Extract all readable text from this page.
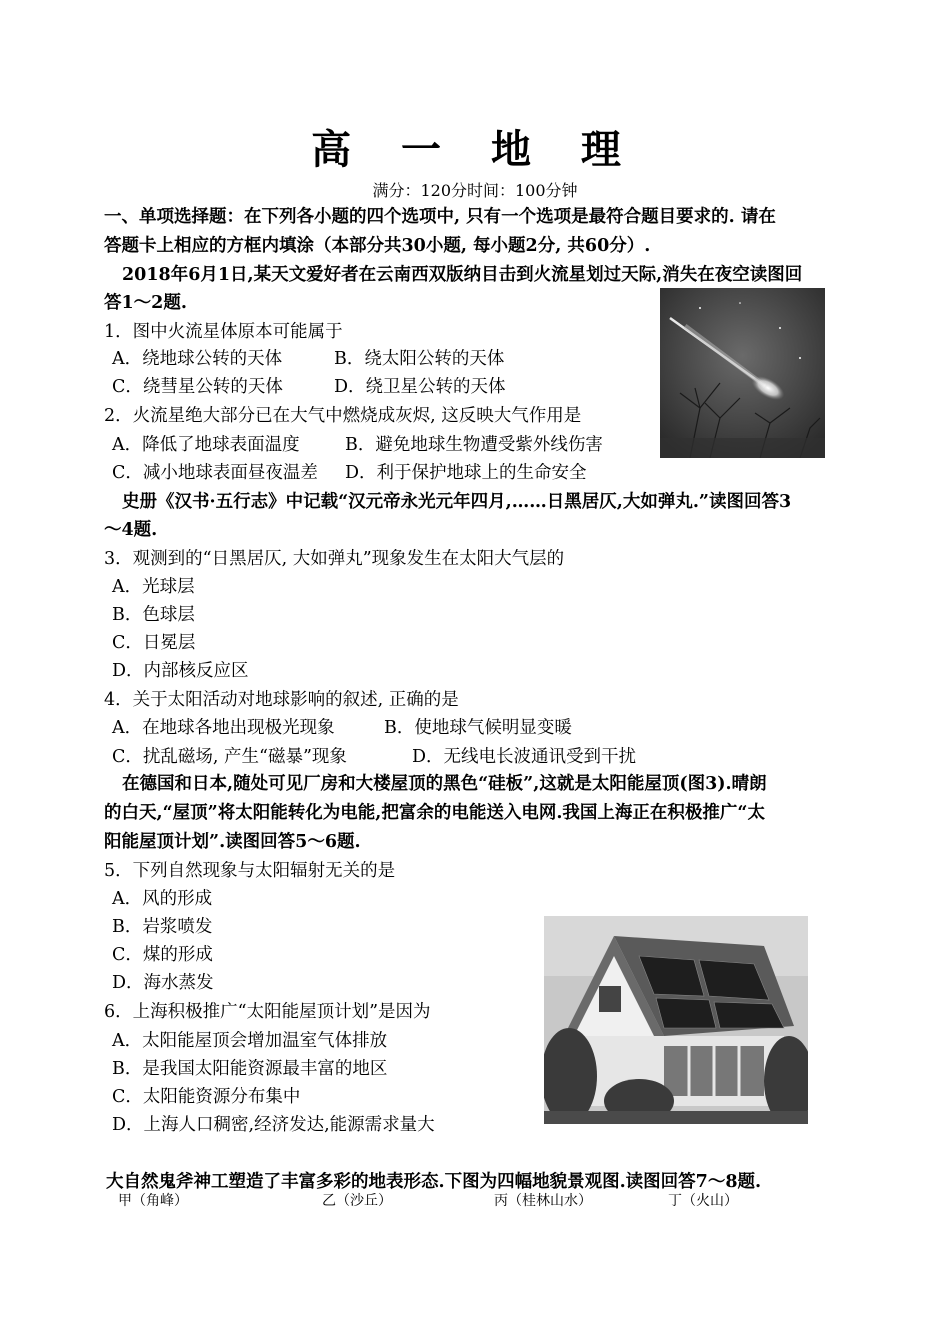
高 一 地 理
满分：120分时间：100分钟
一、单项选择题：在下列各小题的四个选项中, 只有一个选项是最符合题目要求的. 请在
答题卡上相应的方框内填涂（本部分共30小题, 每小题2分, 共60分）.
2018年6月1日,某天文爱好者在云南西双版纳目击到火流星划过天际,消失在夜空读图回
答1～2题.
1．图中火流星体原本可能属于
A．绕地球公转的天体	B．绕太阳公转的天体
C．绕彗星公转的天体	D．绕卫星公转的天体
2．火流星绝大部分已在大气中燃烧成灰烬, 这反映大气作用是
A．降低了地球表面温度	B．避免地球生物遭受紫外线伤害
C．减小地球表面昼夜温差 D．利于保护地球上的生命安全
史册《汉书·五行志》中记载“汉元帝永光元年四月,……日黑居仄,大如弹丸.”读图回答3
～4题.
3．观测到的“日黑居仄, 大如弹丸”现象发生在太阳大气层的
A．光球层
B．色球层
C．日冕层
D．内部核反应区
4．关于太阳活动对地球影响的叙述, 正确的是
A．在地球各地出现极光现象	B．使地球气候明显变暖
C．扰乱磁场, 产生“磁暴”现象	D．无线电长波通讯受到干扰
在德国和日本,随处可见厂房和大楼屋顶的黑色“硅板”,这就是太阳能屋顶(图3).晴朗
的白天,“屋顶”将太阳能转化为电能,把富余的电能送入电网.我国上海正在积极推广“太
阳能屋顶计划”.读图回答5～6题.
5．下列自然现象与太阳辐射无关的是
A．风的形成
B．岩浆喷发
C．煤的形成
D．海水蒸发
6．上海积极推广“太阳能屋顶计划”是因为
A．太阳能屋顶会增加温室气体排放
B．是我国太阳能资源最丰富的地区
C．太阳能资源分布集中
D．上海人口稠密,经济发达,能源需求量大
大自然鬼斧神工塑造了丰富多彩的地表形态.下图为四幅地貌景观图.读图回答7～8题.
甲（角峰）	乙（沙丘）	丙（桂林山水）	丁（火山）
